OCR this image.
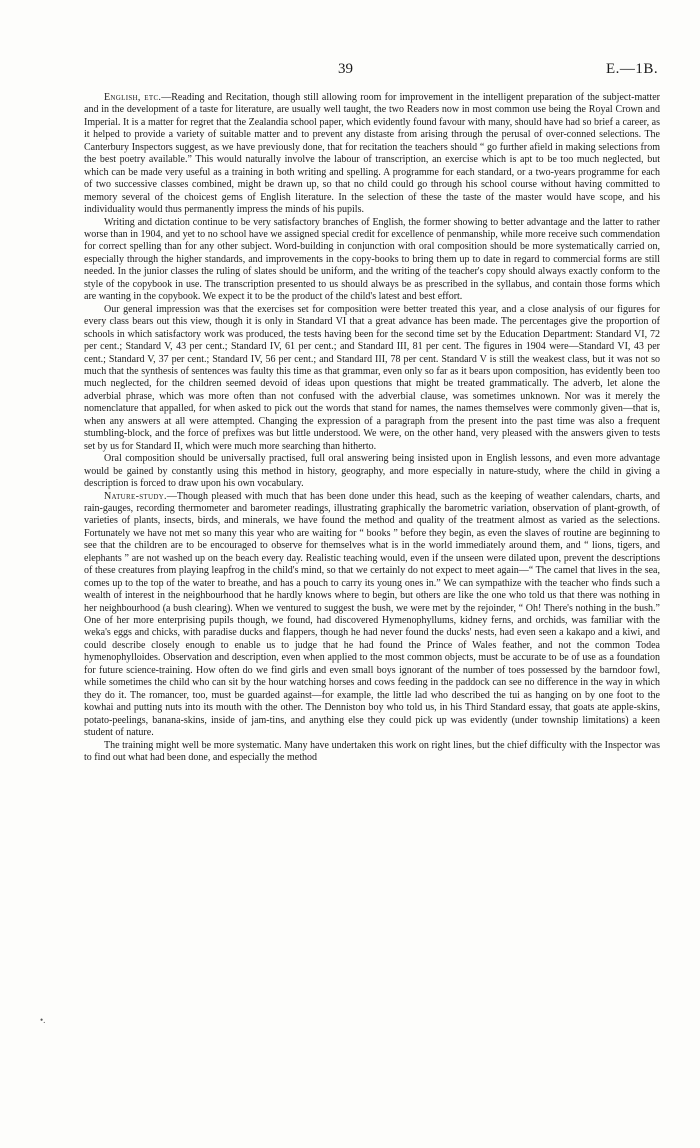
39	E.—1B.

English, etc.—Reading and Recitation, though still allowing room for improvement in the intelligent preparation of the subject-matter and in the development of a taste for literature, are usually well taught, the two Readers now in most common use being the Royal Crown and Imperial. It is a matter for regret that the Zealandia school paper, which evidently found favour with many, should have had so brief a career, as it helped to provide a variety of suitable matter and to prevent any distaste from arising through the perusal of over-conned selections. The Canterbury Inspectors suggest, as we have previously done, that for recitation the teachers should “ go further afield in making selections from the best poetry available.” This would naturally involve the labour of transcription, an exercise which is apt to be too much neglected, but which can be made very useful as a training in both writing and spelling. A programme for each standard, or a two-years programme for each of two successive classes combined, might be drawn up, so that no child could go through his school course without having committed to memory several of the choicest gems of English literature. In the selection of these the taste of the master would have scope, and his individuality would thus permanently impress the minds of his pupils.

Writing and dictation continue to be very satisfactory branches of English, the former showing to better advantage and the latter to rather worse than in 1904, and yet to no school have we assigned special credit for excellence of penmanship, while more receive such commendation for correct spelling than for any other subject. Word-building in conjunction with oral composition should be more systematically carried on, especially through the higher standards, and improvements in the copy-books to bring them up to date in regard to commercial forms are still needed. In the junior classes the ruling of slates should be uniform, and the writing of the teacher's copy should always exactly conform to the style of the copybook in use. The transcription presented to us should always be as prescribed in the syllabus, and contain those forms which are wanting in the copybook. We expect it to be the product of the child's latest and best effort.

Our general impression was that the exercises set for composition were better treated this year, and a close analysis of our figures for every class bears out this view, though it is only in Standard VI that a great advance has been made. The percentages give the proportion of schools in which satisfactory work was produced, the tests having been for the second time set by the Education Department: Standard VI, 72 per cent.; Standard V, 43 per cent.; Standard IV, 61 per cent.; and Standard III, 81 per cent. The figures in 1904 were—Standard VI, 43 per cent.; Standard V, 37 per cent.; Standard IV, 56 per cent.; and Standard III, 78 per cent. Standard V is still the weakest class, but it was not so much that the synthesis of sentences was faulty this time as that grammar, even only so far as it bears upon composition, has evidently been too much neglected, for the children seemed devoid of ideas upon questions that might be treated grammatically. The adverb, let alone the adverbial phrase, which was more often than not confused with the adverbial clause, was sometimes unknown. Nor was it merely the nomenclature that appalled, for when asked to pick out the words that stand for names, the names themselves were commonly given—that is, when any answers at all were attempted. Changing the expression of a paragraph from the present into the past time was also a frequent stumbling-block, and the force of prefixes was but little understood. We were, on the other hand, very pleased with the answers given to tests set by us for Standard II, which were much more searching than hitherto.

Oral composition should be universally practised, full oral answering being insisted upon in English lessons, and even more advantage would be gained by constantly using this method in history, geography, and more especially in nature-study, where the child in giving a description is forced to draw upon his own vocabulary.

Nature-study.—Though pleased with much that has been done under this head, such as the keeping of weather calendars, charts, and rain-gauges, recording thermometer and barometer readings, illustrating graphically the barometric variation, observation of plant-growth, of varieties of plants, insects, birds, and minerals, we have found the method and quality of the treatment almost as varied as the selections. Fortunately we have not met so many this year who are waiting for “ books ” before they begin, as even the slaves of routine are beginning to see that the children are to be encouraged to observe for themselves what is in the world immediately around them, and “ lions, tigers, and elephants ” are not washed up on the beach every day. Realistic teaching would, even if the unseen were dilated upon, prevent the descriptions of these creatures from playing leapfrog in the child's mind, so that we certainly do not expect to meet again—“ The camel that lives in the sea, comes up to the top of the water to breathe, and has a pouch to carry its young ones in.” We can sympathize with the teacher who finds such a wealth of interest in the neighbourhood that he hardly knows where to begin, but others are like the one who told us that there was nothing in her neighbourhood (a bush clearing). When we ventured to suggest the bush, we were met by the rejoinder, “ Oh! There's nothing in the bush.” One of her more enterprising pupils though, we found, had discovered Hymenophyllums, kidney ferns, and orchids, was familiar with the weka's eggs and chicks, with paradise ducks and flappers, though he had never found the ducks' nests, had even seen a kakapo and a kiwi, and could describe closely enough to enable us to judge that he had found the Prince of Wales feather, and not the common Todea hymenophylloides. Observation and description, even when applied to the most common objects, must be accurate to be of use as a foundation for future science-training. How often do we find girls and even small boys ignorant of the number of toes possessed by the barndoor fowl, while sometimes the child who can sit by the hour watching horses and cows feeding in the paddock can see no difference in the way in which they do it. The romancer, too, must be guarded against—for example, the little lad who described the tui as hanging on by one foot to the kowhai and putting nuts into its mouth with the other. The Denniston boy who told us, in his Third Standard essay, that goats ate apple-skins, potato-peelings, banana-skins, inside of jam-tins, and anything else they could pick up was evidently (under township limitations) a keen student of nature.

The training might well be more systematic. Many have undertaken this work on right lines, but the chief difficulty with the Inspector was to find out what had been done, and especially the method

•.
